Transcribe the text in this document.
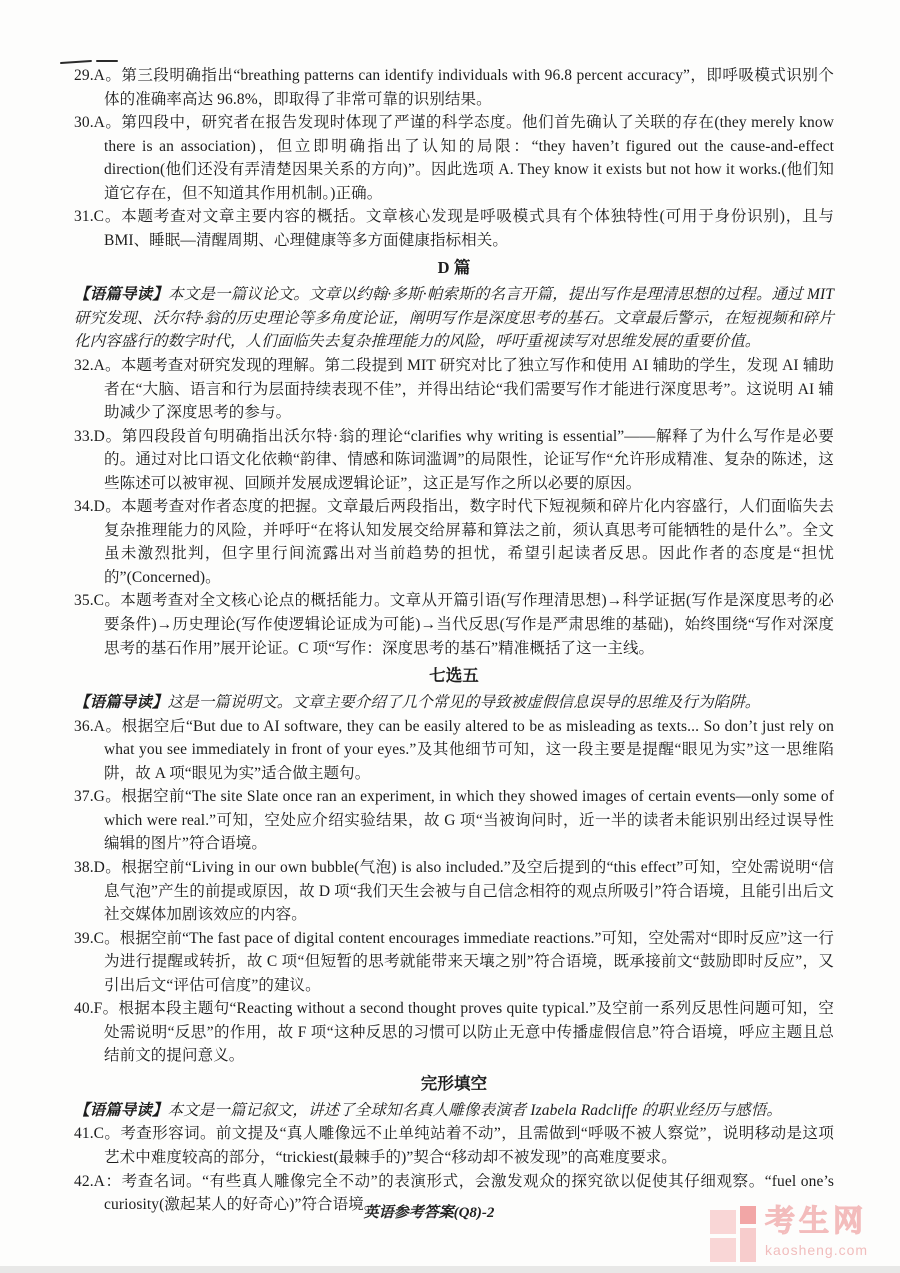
29.A。第三段明确指出“breathing patterns can identify individuals with 96.8 percent accuracy”，即呼吸模式识别个体的准确率高达 96.8%，即取得了非常可靠的识别结果。

30.A。第四段中，研究者在报告发现时体现了严谨的科学态度。他们首先确认了关联的存在(they merely know there is an association)，但立即明确指出了认知的局限：“they haven’t figured out the cause-and-effect direction(他们还没有弄清楚因果关系的方向)”。因此选项 A. They know it exists but not how it works.(他们知道它存在，但不知道其作用机制。)正确。

31.C。本题考查对文章主要内容的概括。文章核心发现是呼吸模式具有个体独特性(可用于身份识别)，且与 BMI、睡眠—清醒周期、心理健康等多方面健康指标相关。

D 篇

【语篇导读】本文是一篇议论文。文章以约翰·多斯·帕索斯的名言开篇，提出写作是理清思想的过程。通过 MIT 研究发现、沃尔特·翁的历史理论等多角度论证，阐明写作是深度思考的基石。文章最后警示，在短视频和碎片化内容盛行的数字时代，人们面临失去复杂推理能力的风险，呼吁重视读写对思维发展的重要价值。

32.A。本题考查对研究发现的理解。第二段提到 MIT 研究对比了独立写作和使用 AI 辅助的学生，发现 AI 辅助者在“大脑、语言和行为层面持续表现不佳”，并得出结论“我们需要写作才能进行深度思考”。这说明 AI 辅助减少了深度思考的参与。

33.D。第四段段首句明确指出沃尔特·翁的理论“clarifies why writing is essential”——解释了为什么写作是必要的。通过对比口语文化依赖“韵律、情感和陈词滥调”的局限性，论证写作“允许形成精准、复杂的陈述，这些陈述可以被审视、回顾并发展成逻辑论证”，这正是写作之所以必要的原因。

34.D。本题考查对作者态度的把握。文章最后两段指出，数字时代下短视频和碎片化内容盛行，人们面临失去复杂推理能力的风险，并呼吁“在将认知发展交给屏幕和算法之前，须认真思考可能牺牲的是什么”。全文虽未激烈批判，但字里行间流露出对当前趋势的担忧，希望引起读者反思。因此作者的态度是“担忧的”(Concerned)。

35.C。本题考查对全文核心论点的概括能力。文章从开篇引语(写作理清思想)→科学证据(写作是深度思考的必要条件)→历史理论(写作使逻辑论证成为可能)→当代反思(写作是严肃思维的基础)，始终围绕“写作对深度思考的基石作用”展开论证。C 项“写作：深度思考的基石”精准概括了这一主线。

七选五

【语篇导读】这是一篇说明文。文章主要介绍了几个常见的导致被虚假信息误导的思维及行为陷阱。

36.A。根据空后“But due to AI software, they can be easily altered to be as misleading as texts... So don’t just rely on what you see immediately in front of your eyes.”及其他细节可知，这一段主要是提醒“眼见为实”这一思维陷阱，故 A 项“眼见为实”适合做主题句。

37.G。根据空前“The site Slate once ran an experiment, in which they showed images of certain events—only some of which were real.”可知，空处应介绍实验结果，故 G 项“当被询问时，近一半的读者未能识别出经过误导性编辑的图片”符合语境。

38.D。根据空前“Living in our own bubble(气泡) is also included.”及空后提到的“this effect”可知，空处需说明“信息气泡”产生的前提或原因，故 D 项“我们天生会被与自己信念相符的观点所吸引”符合语境，且能引出后文社交媒体加剧该效应的内容。

39.C。根据空前“The fast pace of digital content encourages immediate reactions.”可知，空处需对“即时反应”这一行为进行提醒或转折，故 C 项“但短暂的思考就能带来天壤之别”符合语境，既承接前文“鼓励即时反应”，又引出后文“评估可信度”的建议。

40.F。根据本段主题句“Reacting without a second thought proves quite typical.”及空前一系列反思性问题可知，空处需说明“反思”的作用，故 F 项“这种反思的习惯可以防止无意中传播虚假信息”符合语境，呼应主题且总结前文的提问意义。

完形填空

【语篇导读】本文是一篇记叙文，讲述了全球知名真人雕像表演者 Izabela Radcliffe 的职业经历与感悟。

41.C。考查形容词。前文提及“真人雕像远不止单纯站着不动”，且需做到“呼吸不被人察觉”，说明移动是这项艺术中难度较高的部分，“trickiest(最棘手的)”契合“移动却不被发现”的高难度要求。

42.A：考查名词。“有些真人雕像完全不动”的表演形式，会激发观众的探究欲以促使其仔细观察。“fuel one’s curiosity(激起某人的好奇心)”符合语境。

英语参考答案(Q8)-2	考生网
kaosheng.com
